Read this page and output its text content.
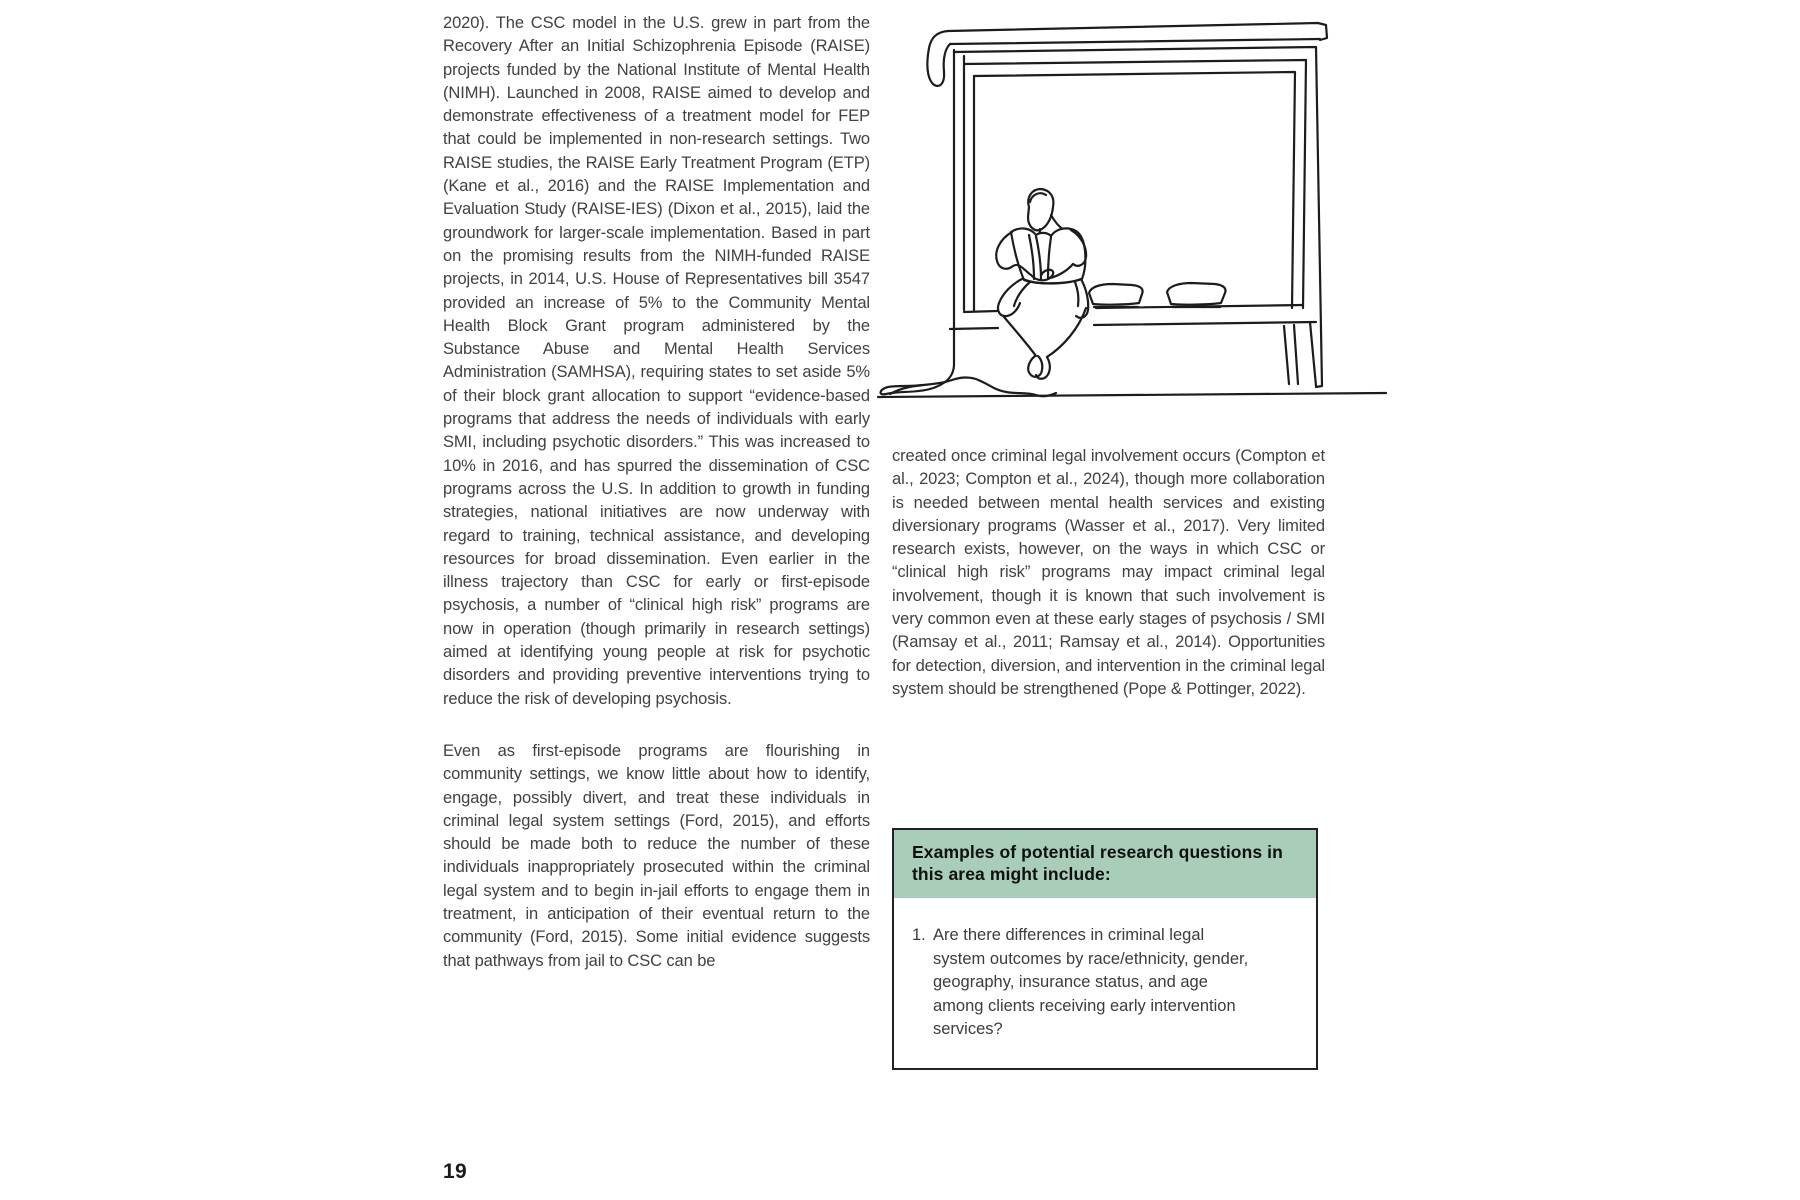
2020). The CSC model in the U.S. grew in part from the Recovery After an Initial Schizophrenia Episode (RAISE) projects funded by the National Institute of Mental Health (NIMH). Launched in 2008, RAISE aimed to develop and demonstrate effectiveness of a treatment model for FEP that could be implemented in non-research settings. Two RAISE studies, the RAISE Early Treatment Program (ETP) (Kane et al., 2016) and the RAISE Implementation and Evaluation Study (RAISE-IES) (Dixon et al., 2015), laid the groundwork for larger-scale implementation. Based in part on the promising results from the NIMH-funded RAISE projects, in 2014, U.S. House of Representatives bill 3547 provided an increase of 5% to the Community Mental Health Block Grant program administered by the Substance Abuse and Mental Health Services Administration (SAMHSA), requiring states to set aside 5% of their block grant allocation to support “evidence-based programs that address the needs of individuals with early SMI, including psychotic disorders.” This was increased to 10% in 2016, and has spurred the dissemination of CSC programs across the U.S. In addition to growth in funding strategies, national initiatives are now underway with regard to training, technical assistance, and developing resources for broad dissemination. Even earlier in the illness trajectory than CSC for early or first-episode psychosis, a number of “clinical high risk” programs are now in operation (though primarily in research settings) aimed at identifying young people at risk for psychotic disorders and providing preventive interventions trying to reduce the risk of developing psychosis.
Even as first-episode programs are flourishing in community settings, we know little about how to identify, engage, possibly divert, and treat these individuals in criminal legal system settings (Ford, 2015), and efforts should be made both to reduce the number of these individuals inappropriately prosecuted within the criminal legal system and to begin in-jail efforts to engage them in treatment, in anticipation of their eventual return to the community (Ford, 2015). Some initial evidence suggests that pathways from jail to CSC can be
created once criminal legal involvement occurs (Compton et al., 2023; Compton et al., 2024), though more collaboration is needed between mental health services and existing diversionary programs (Wasser et al., 2017). Very limited research exists, however, on the ways in which CSC or “clinical high risk” programs may impact criminal legal involvement, though it is known that such involvement is very common even at these early stages of psychosis / SMI (Ramsay et al., 2011; Ramsay et al., 2014). Opportunities for detection, diversion, and intervention in the criminal legal system should be strengthened (Pope & Pottinger, 2022).
Examples of potential research questions in this area might include:
1. Are there differences in criminal legal system outcomes by race/ethnicity, gender, geography, insurance status, and age among clients receiving early intervention services?
19
